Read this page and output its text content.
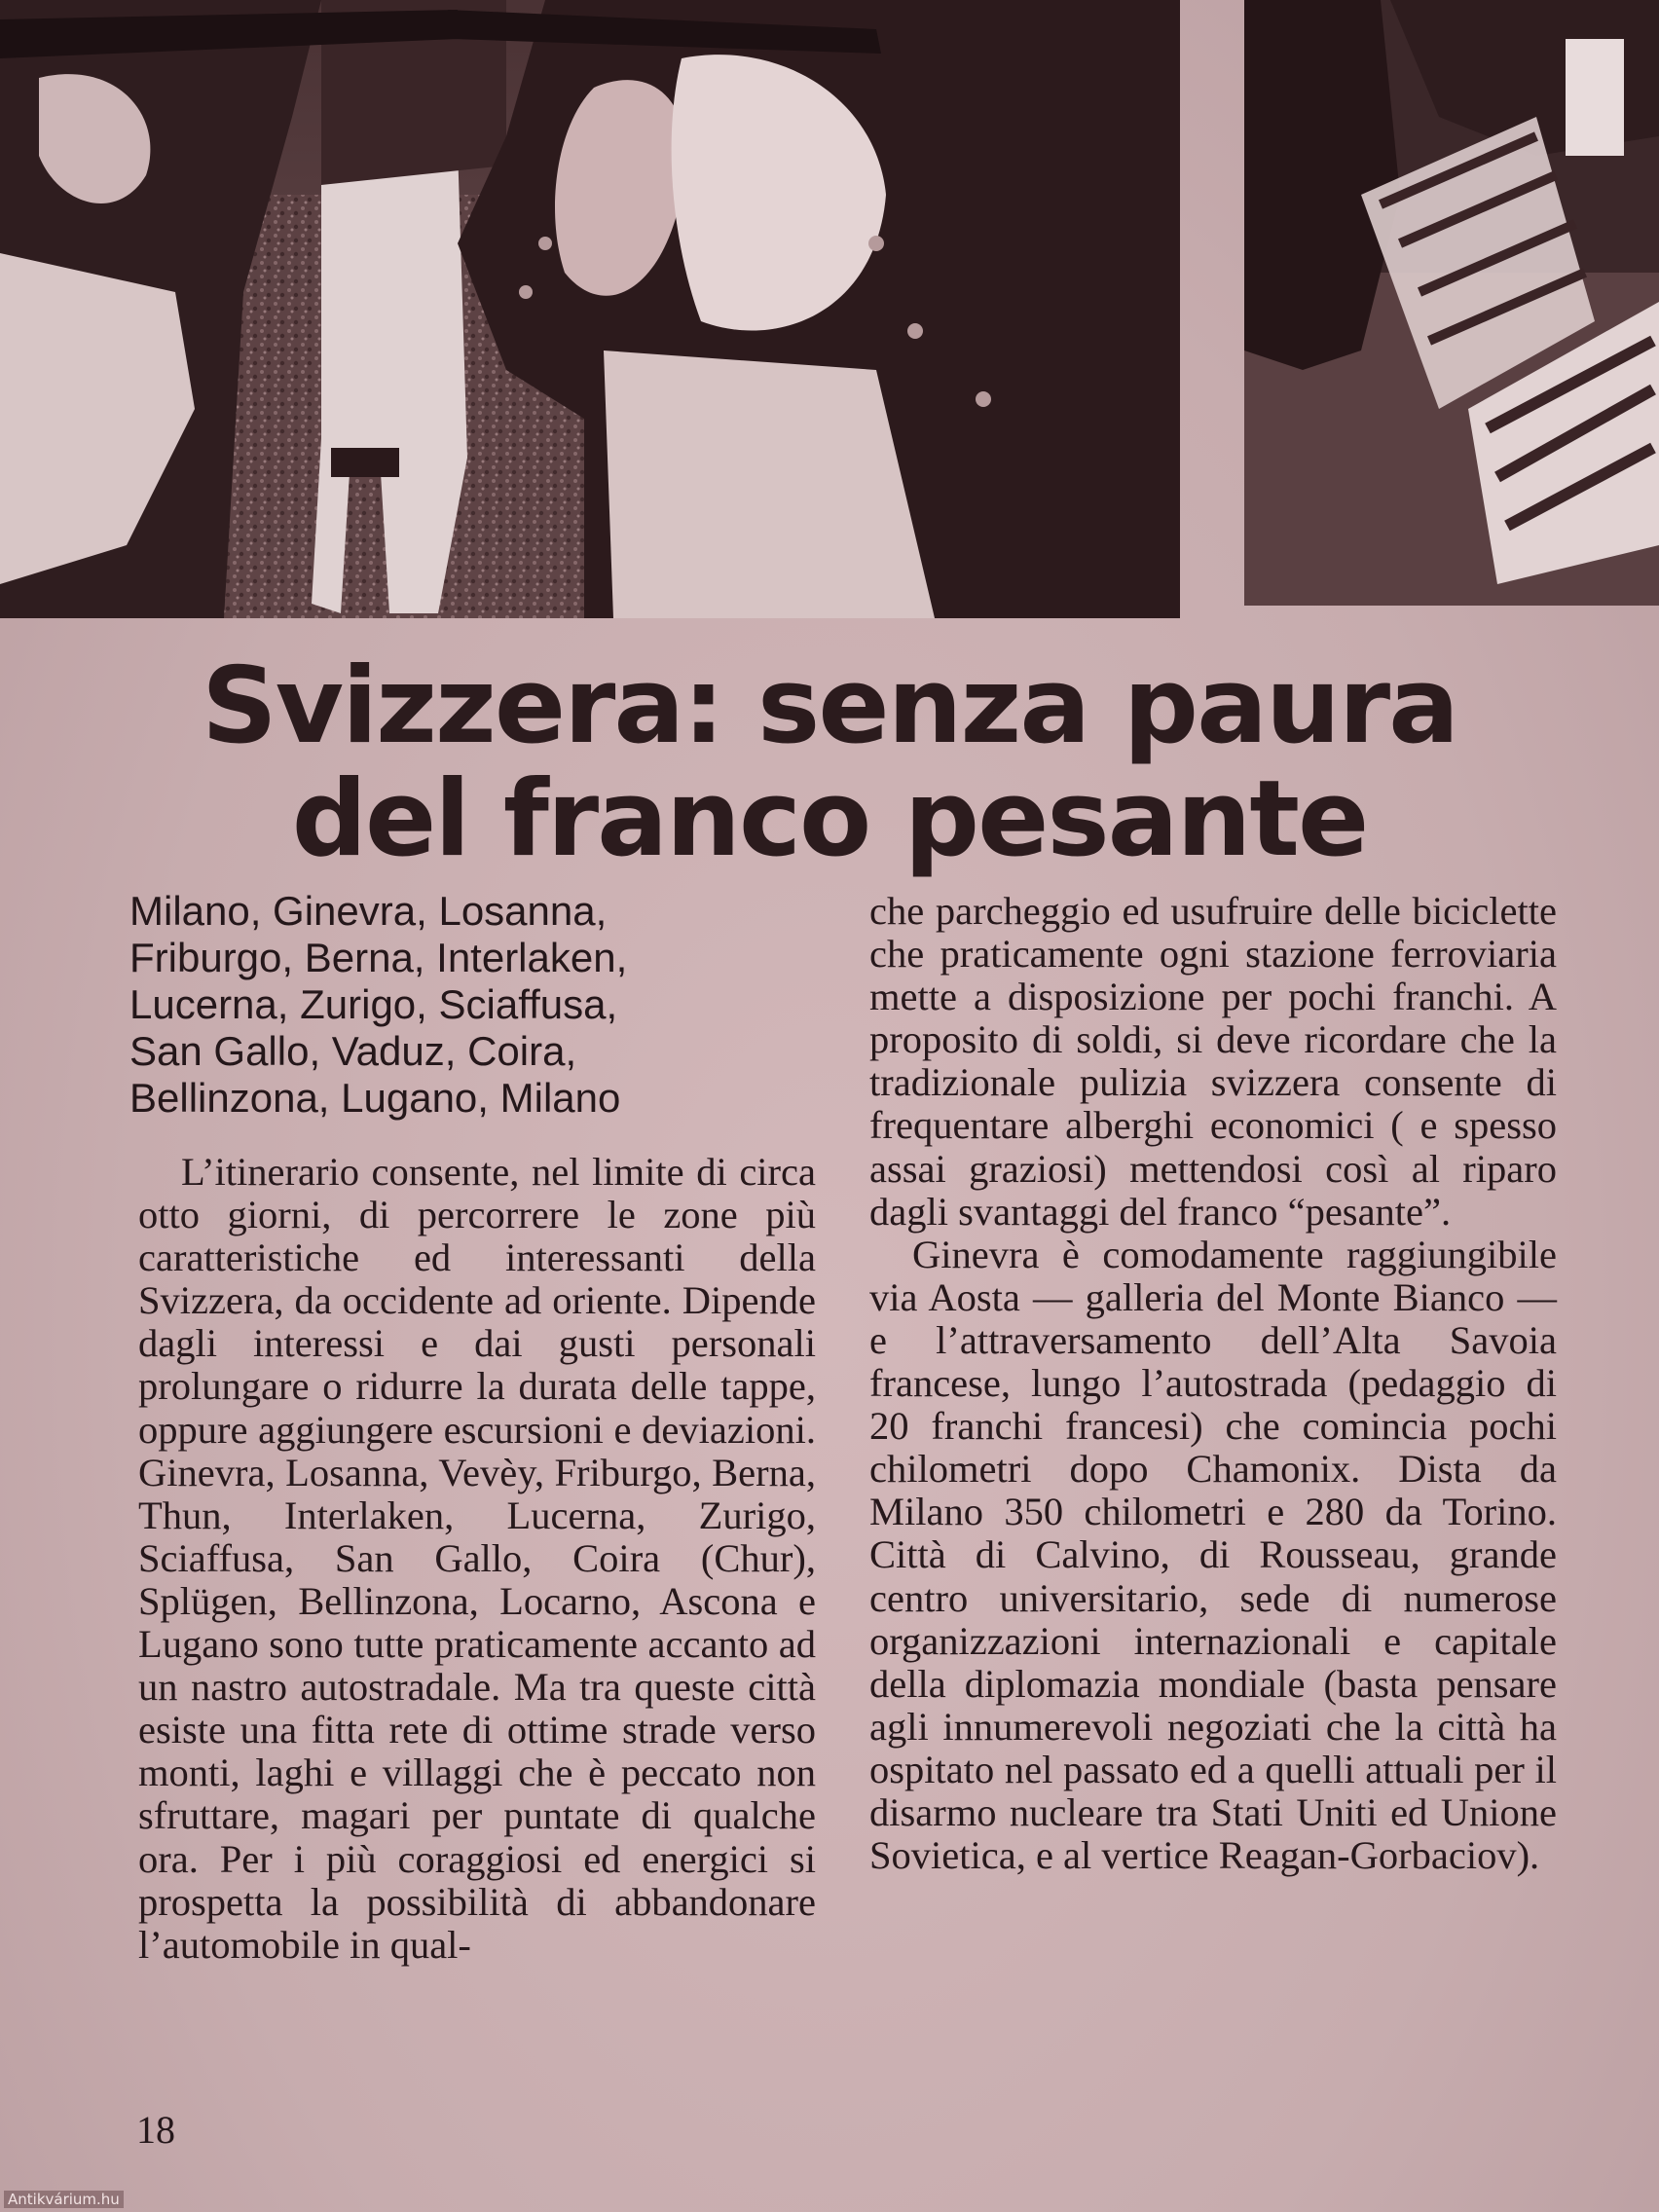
Svizzera: senza paura
del franco pesante
Milano, Ginevra, Losanna,
Friburgo, Berna, Interlaken,
Lucerna, Zurigo, Sciaffusa,
San Gallo, Vaduz, Coira,
Bellinzona, Lugano, Milano

L’itinerario consente, nel limite di circa otto giorni, di percorrere le zone più caratteristiche ed interessanti della Svizzera, da occidente ad oriente. Dipende dagli interessi e dai gusti personali prolungare o ridurre la durata delle tappe, oppure aggiungere escursioni e deviazioni. Ginevra, Losanna, Vevèy, Friburgo, Berna, Thun, Interlaken, Lucerna, Zurigo, Sciaffusa, San Gallo, Coira (Chur), Splügen, Bellinzona, Locarno, Ascona e Lugano sono tutte praticamente accanto ad un nastro autostradale. Ma tra queste città esiste una fitta rete di ottime strade verso monti, laghi e villaggi che è peccato non sfruttare, magari per puntate di qualche ora. Per i più coraggiosi ed energici si prospetta la possibilità di abbandonare l’automobile in qual-

che parcheggio ed usufruire delle biciclette che praticamente ogni stazione ferroviaria mette a disposizione per pochi franchi. A proposito di soldi, si deve ricordare che la tradizionale pulizia svizzera consente di frequentare alberghi economici ( e spesso assai graziosi) mettendosi così al riparo dagli svantaggi del franco “pesante”.

Ginevra è comodamente raggiungibile via Aosta — galleria del Monte Bianco — e l’attraversamento dell’Alta Savoia francese, lungo l’autostrada (pedaggio di 20 franchi francesi) che comincia pochi chilometri dopo Chamonix. Dista da Milano 350 chilometri e 280 da Torino. Città di Calvino, di Rousseau, grande centro universitario, sede di numerose organizzazioni internazionali e capitale della diplomazia mondiale (basta pensare agli innumerevoli negoziati che la città ha ospitato nel passato ed a quelli attuali per il disarmo nucleare tra Stati Uniti ed Unione Sovietica, e al vertice Reagan-Gorbaciov).

18
Antikvárium.hu
